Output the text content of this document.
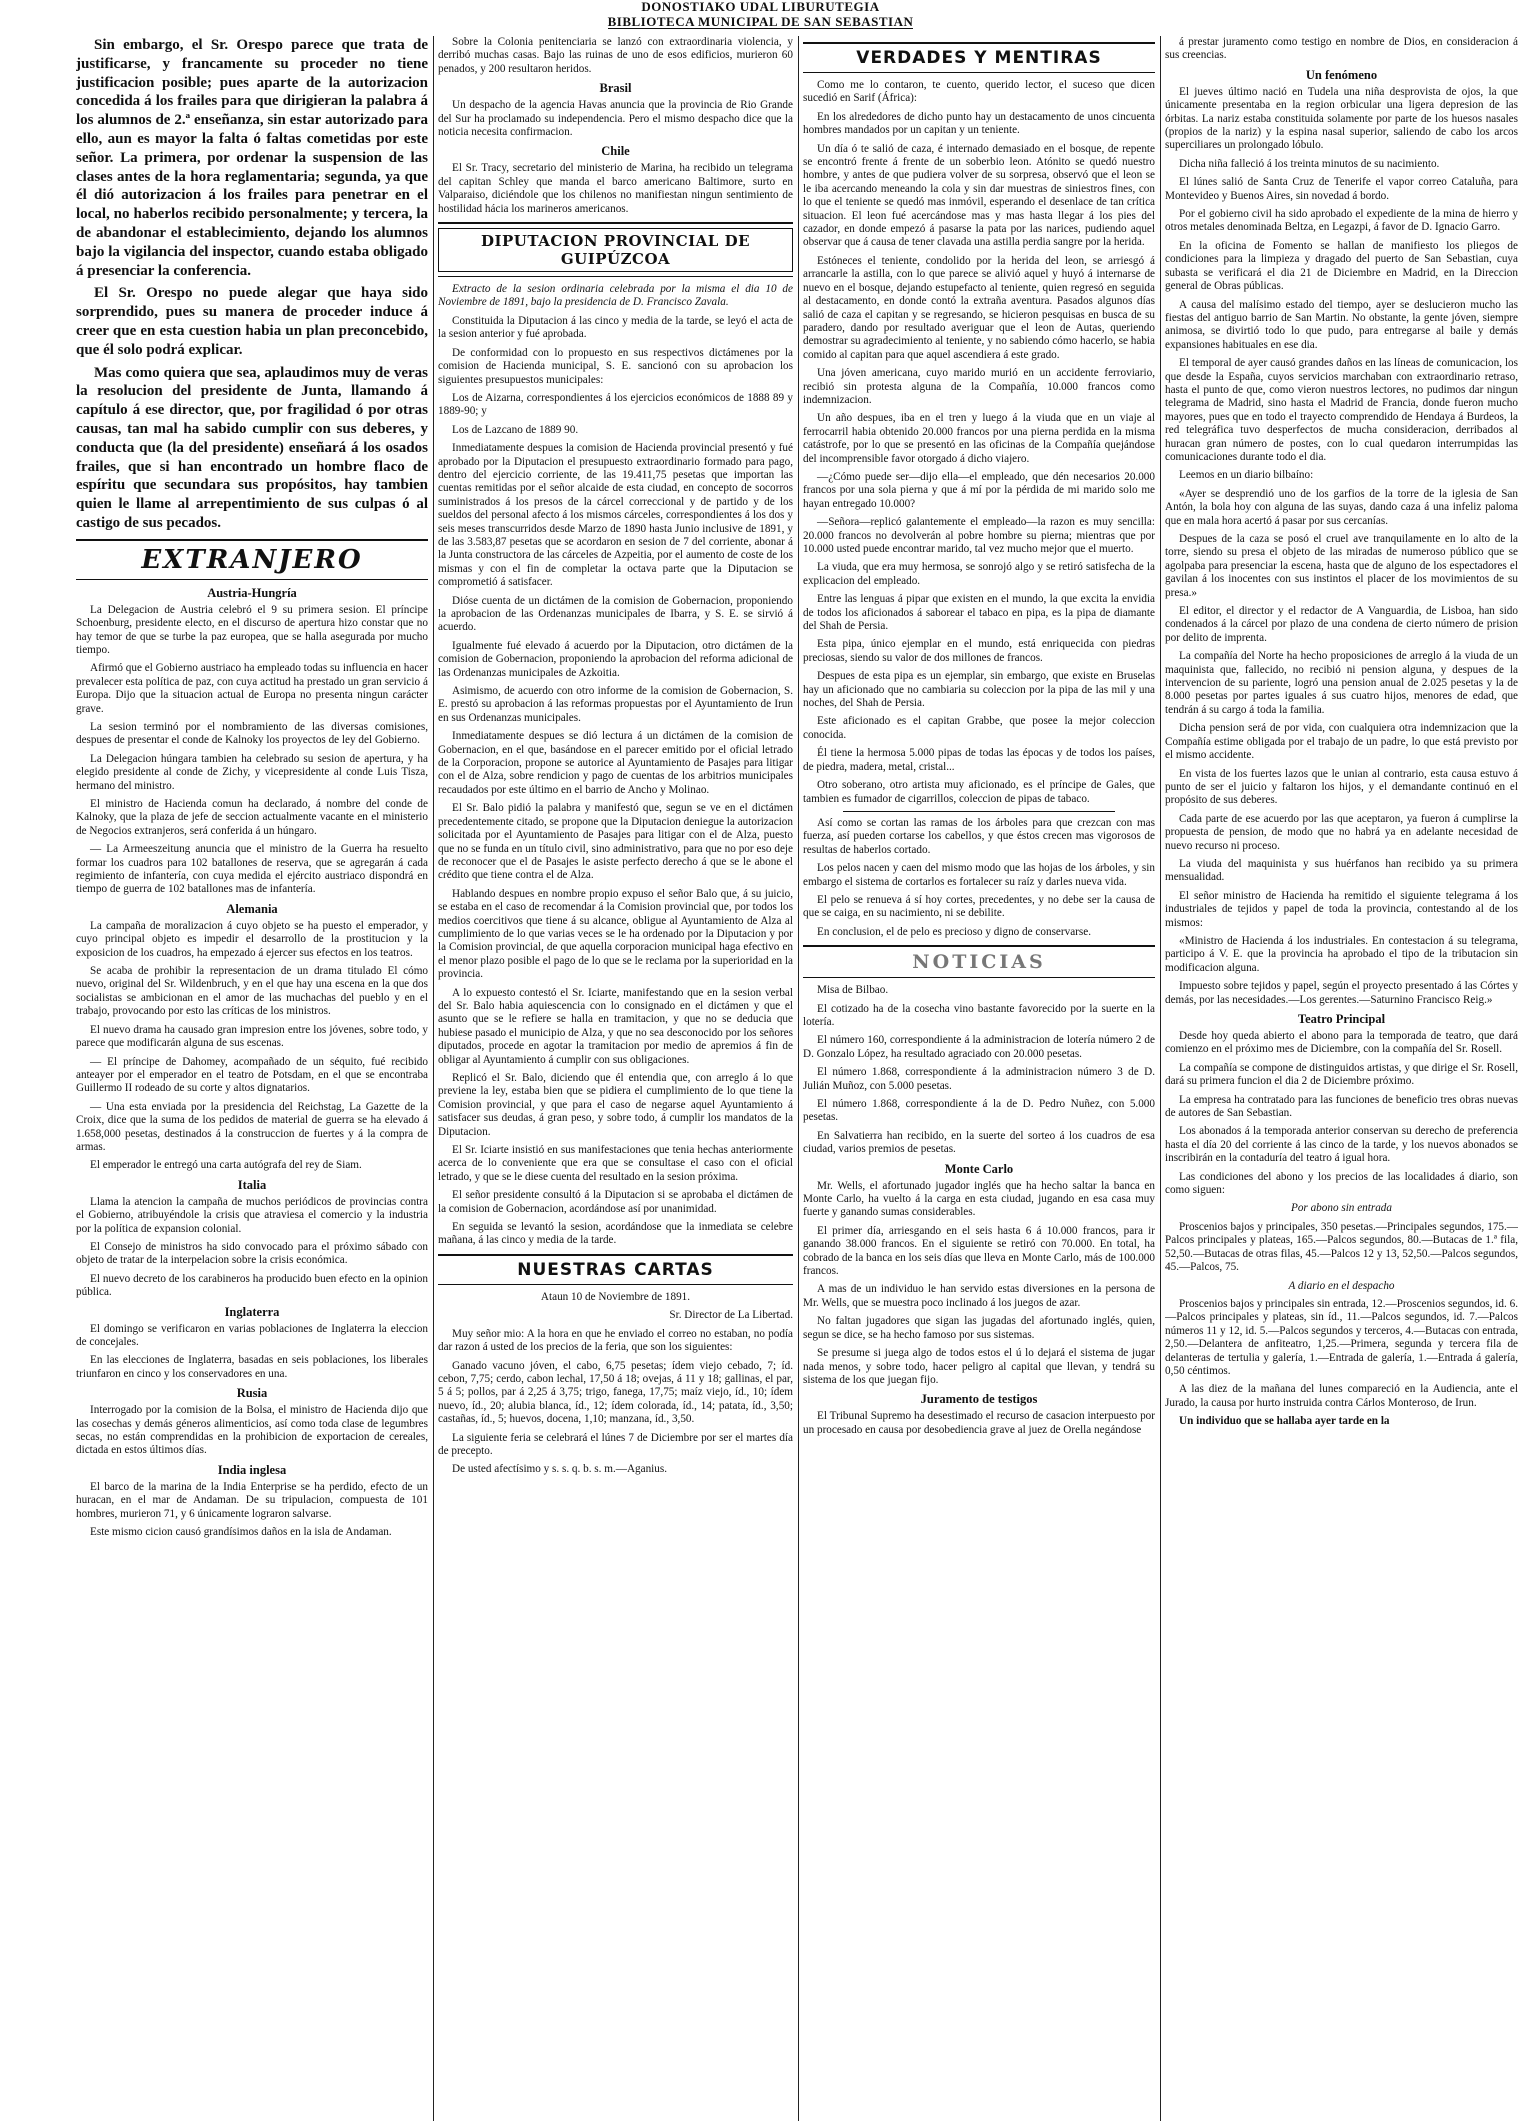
DONOSTIAKO UDAL LIBURUTEGIA
BIBLIOTECA MUNICIPAL DE SAN SEBASTIAN

Sin embargo, el Sr. Orespo parece que trata de justificarse, y francamente su proceder no tiene justificacion posible; pues aparte de la autorizacion concedida á los frailes para que dirigieran la palabra á los alumnos de 2.ª enseñanza, sin estar autorizado para ello, aun es mayor la falta ó faltas cometidas por este señor. La primera, por ordenar la suspension de las clases antes de la hora reglamentaria; segunda, ya que él dió autorizacion á los frailes para penetrar en el local, no haberlos recibido personalmente; y tercera, la de abandonar el establecimiento, dejando los alumnos bajo la vigilancia del inspector, cuando estaba obligado á presenciar la conferencia.

El Sr. Orespo no puede alegar que haya sido sorprendido, pues su manera de proceder induce á creer que en esta cuestion habia un plan preconcebido, que él solo podrá explicar.

Mas como quiera que sea, aplaudimos muy de veras la resolucion del presidente de Junta, llamando á capítulo á ese director, que, por fragilidad ó por otras causas, tan mal ha sabido cumplir con sus deberes, y conducta que (la del presidente) enseñará á los osados frailes, que si han encontrado un hombre flaco de espíritu que secundara sus propósitos, hay tambien quien le llame al arrepentimiento de sus culpas ó al castigo de sus pecados.

EXTRANJERO
Austria-Hungría

La Delegacion de Austria celebró el 9 su primera sesion. El príncipe Schoenburg, presidente electo, en el discurso de apertura hizo constar que no hay temor de que se turbe la paz europea, que se halla asegurada por mucho tiempo.

Afirmó que el Gobierno austriaco ha empleado todas su influencia en hacer prevalecer esta política de paz, con cuya actitud ha prestado un gran servicio á Europa. Dijo que la situacion actual de Europa no presenta ningun carácter grave.

La sesion terminó por el nombramiento de las diversas comisiones, despues de presentar el conde de Kalnoky los proyectos de ley del Gobierno.

La Delegacion húngara tambien ha celebrado su sesion de apertura, y ha elegido presidente al conde de Zichy, y vicepresidente al conde Luis Tisza, hermano del ministro.

El ministro de Hacienda comun ha declarado, á nombre del conde de Kalnoky, que la plaza de jefe de seccion actualmente vacante en el ministerio de Negocios extranjeros, será conferida á un húngaro.

— La Armeeszeitung anuncia que el ministro de la Guerra ha resuelto formar los cuadros para 102 batallones de reserva, que se agregarán á cada regimiento de infantería, con cuya medida el ejército austriaco dispondrá en tiempo de guerra de 102 batallones mas de infantería.

Alemania

La campaña de moralizacion á cuyo objeto se ha puesto el emperador, y cuyo principal objeto es impedir el desarrollo de la prostitucion y la exposicion de los cuadros, ha empezado á ejercer sus efectos en los teatros.

Se acaba de prohibir la representacion de un drama titulado El cómo nuevo, original del Sr. Wildenbruch, y en el que hay una escena en la que dos socialistas se ambicionan en el amor de las muchachas del pueblo y en el trabajo, provocando por esto las críticas de los ministros.

El nuevo drama ha causado gran impresion entre los jóvenes, sobre todo, y parece que modificarán alguna de sus escenas.

— El príncipe de Dahomey, acompañado de un séquito, fué recibido anteayer por el emperador en el teatro de Potsdam, en el que se encontraba Guillermo II rodeado de su corte y altos dignatarios.

— Una esta enviada por la presidencia del Reichstag, La Gazette de la Croix, dice que la suma de los pedidos de material de guerra se ha elevado á 1.658,000 pesetas, destinados á la construccion de fuertes y á la compra de armas.

El emperador le entregó una carta autógrafa del rey de Siam.

Italia

Llama la atencion la campaña de muchos periódicos de provincias contra el Gobierno, atribuyéndole la crisis que atraviesa el comercio y la industria por la política de expansion colonial.

El Consejo de ministros ha sido convocado para el próximo sábado con objeto de tratar de la interpelacion sobre la crisis económica.

El nuevo decreto de los carabineros ha producido buen efecto en la opinion pública.

Inglaterra

El domingo se verificaron en varias poblaciones de Inglaterra la eleccion de concejales.

En las elecciones de Inglaterra, basadas en seis poblaciones, los liberales triunfaron en cinco y los conservadores en una.

Rusia

Interrogado por la comision de la Bolsa, el ministro de Hacienda dijo que las cosechas y demás géneros alimenticios, así como toda clase de legumbres secas, no están comprendidas en la prohibicion de exportacion de cereales, dictada en estos últimos días.

India inglesa

El barco de la marina de la India Enterprise se ha perdido, efecto de un huracan, en el mar de Andaman. De su tripulacion, compuesta de 101 hombres, murieron 71, y 6 únicamente lograron salvarse.

Este mismo cicion causó grandísimos daños en la isla de Andaman.

Sobre la Colonia penitenciaria se lanzó con extraordinaria violencia, y derribó muchas casas. Bajo las ruinas de uno de esos edificios, murieron 60 penados, y 200 resultaron heridos.

Brasil

Un despacho de la agencia Havas anuncia que la provincia de Rio Grande del Sur ha proclamado su independencia. Pero el mismo despacho dice que la noticia necesita confirmacion.

Chile

El Sr. Tracy, secretario del ministerio de Marina, ha recibido un telegrama del capitan Schley que manda el barco americano Baltimore, surto en Valparaiso, diciéndole que los chilenos no manifiestan ningun sentimiento de hostilidad hácia los marineros americanos.

DIPUTACION PROVINCIAL DE GUIPÚZCOA

Extracto de la sesion ordinaria celebrada por la misma el dia 10 de Noviembre de 1891, bajo la presidencia de D. Francisco Zavala.

Constituida la Diputacion á las cinco y media de la tarde, se leyó el acta de la sesion anterior y fué aprobada.

De conformidad con lo propuesto en sus respectivos dictámenes por la comision de Hacienda municipal, S. E. sancionó con su aprobacion los siguientes presupuestos municipales:

Los de Aizarna, correspondientes á los ejercicios económicos de 1888 89 y 1889-90; y

Los de Lazcano de 1889 90.

Inmediatamente despues la comision de Hacienda provincial presentó y fué aprobado por la Diputacion el presupuesto extraordinario formado para pago, dentro del ejercicio corriente, de las 19.411,75 pesetas que importan las cuentas remitidas por el señor alcaide de esta ciudad, en concepto de socorros suministrados á los presos de la cárcel correccional y de partido y de los sueldos del personal afecto á los mismos cárceles, correspondientes á los dos y seis meses transcurridos desde Marzo de 1890 hasta Junio inclusive de 1891, y de las 3.583,87 pesetas que se acordaron en sesion de 7 del corriente, abonar á la Junta constructora de las cárceles de Azpeitia, por el aumento de coste de los mismas y con el fin de completar la octava parte que la Diputacion se comprometió á satisfacer.

Dióse cuenta de un dictámen de la comision de Gobernacion, proponiendo la aprobacion de las Ordenanzas municipales de Ibarra, y S. E. se sirvió á acuerdo.

Igualmente fué elevado á acuerdo por la Diputacion, otro dictámen de la comision de Gobernacion, proponiendo la aprobacion del reforma adicional de las Ordenanzas municipales de Azkoitia.

Asimismo, de acuerdo con otro informe de la comision de Gobernacion, S. E. prestó su aprobacion á las reformas propuestas por el Ayuntamiento de Irun en sus Ordenanzas municipales.

Inmediatamente despues se dió lectura á un dictámen de la comision de Gobernacion, en el que, basándose en el parecer emitido por el oficial letrado de la Corporacion, propone se autorice al Ayuntamiento de Pasajes para litigar con el de Alza, sobre rendicion y pago de cuentas de los arbitrios municipales recaudados por este último en el barrio de Ancho y Molinao.

El Sr. Balo pidió la palabra y manifestó que, segun se ve en el dictámen precedentemente citado, se propone que la Diputacion deniegue la autorizacion solicitada por el Ayuntamiento de Pasajes para litigar con el de Alza, puesto que no se funda en un título civil, sino administrativo, para que no por eso deje de reconocer que el de Pasajes le asiste perfecto derecho á que se le abone el crédito que tiene contra el de Alza.

Hablando despues en nombre propio expuso el señor Balo que, á su juicio, se estaba en el caso de recomendar á la Comision provincial que, por todos los medios coercitivos que tiene á su alcance, obligue al Ayuntamiento de Alza al cumplimiento de lo que varias veces se le ha ordenado por la Diputacion y por la Comision provincial, de que aquella corporacion municipal haga efectivo en el menor plazo posible el pago de lo que se le reclama por la superioridad en la provincia.

A lo expuesto contestó el Sr. Iciarte, manifestando que en la sesion verbal del Sr. Balo habia aquiescencia con lo consignado en el dictámen y que el asunto que se le refiere se halla en tramitacion, y que no se deducia que hubiese pasado el municipio de Alza, y que no sea desconocido por los señores diputados, procede en agotar la tramitacion por medio de apremios á fin de obligar al Ayuntamiento á cumplir con sus obligaciones.

Replicó el Sr. Balo, diciendo que él entendia que, con arreglo á lo que previene la ley, estaba bien que se pidiera el cumplimiento de lo que tiene la Comision provincial, y que para el caso de negarse aquel Ayuntamiento á satisfacer sus deudas, á gran peso, y sobre todo, á cumplir los mandatos de la Diputacion.

El Sr. Iciarte insistió en sus manifestaciones que tenia hechas anteriormente acerca de lo conveniente que era que se consultase el caso con el oficial letrado, y que se le diese cuenta del resultado en la sesion próxima.

El señor presidente consultó á la Diputacion si se aprobaba el dictámen de la comision de Gobernacion, acordándose así por unanimidad.

En seguida se levantó la sesion, acordándose que la inmediata se celebre mañana, á las cinco y media de la tarde.

NUESTRAS CARTAS

Ataun 10 de Noviembre de 1891.

Sr. Director de La Libertad.

Muy señor mio: A la hora en que he enviado el correo no estaban, no podía dar razon á usted de los precios de la feria, que son los siguientes:

Ganado vacuno jóven, el cabo, 6,75 pesetas; ídem viejo cebado, 7; íd. cebon, 7,75; cerdo, cabon lechal, 17,50 á 18; ovejas, á 11 y 18; gallinas, el par, 5 á 5; pollos, par á 2,25 á 3,75; trigo, fanega, 17,75; maíz viejo, íd., 10; ídem nuevo, íd., 20; alubia blanca, íd., 12; ídem colorada, íd., 14; patata, íd., 3,50; castañas, íd., 5; huevos, docena, 1,10; manzana, íd., 3,50.

La siguiente feria se celebrará el lúnes 7 de Diciembre por ser el martes día de precepto.

De usted afectísimo y s. s. q. b. s. m.—Aganius.

VERDADES Y MENTIRAS

Como me lo contaron, te cuento, querido lector, el suceso que dicen sucedió en Sarif (África):

En los alrededores de dicho punto hay un destacamento de unos cincuenta hombres mandados por un capitan y un teniente.

Un día ó te salió de caza, é internado demasiado en el bosque, de repente se encontró frente á frente de un soberbio leon. Atónito se quedó nuestro hombre, y antes de que pudiera volver de su sorpresa, observó que el leon se le iba acercando meneando la cola y sin dar muestras de siniestros fines, con lo que el teniente se quedó mas inmóvil, esperando el desenlace de tan crítica situacion. El leon fué acercándose mas y mas hasta llegar á los pies del cazador, en donde empezó á pasarse la pata por las narices, pudiendo aquel observar que á causa de tener clavada una astilla perdia sangre por la herida.

Estóneces el teniente, condolido por la herida del leon, se arriesgó á arrancarle la astilla, con lo que parece se alivió aquel y huyó á internarse de nuevo en el bosque, dejando estupefacto al teniente, quien regresó en seguida al destacamento, en donde contó la extraña aventura. Pasados algunos días salió de caza el capitan y se regresando, se hicieron pesquisas en busca de su paradero, dando por resultado averiguar que el leon de Autas, queriendo demostrar su agradecimiento al teniente, y no sabiendo cómo hacerlo, se habia comido al capitan para que aquel ascendiera á este grado.

Una jóven americana, cuyo marido murió en un accidente ferroviario, recibió sin protesta alguna de la Compañía, 10.000 francos como indemnizacion.

Un año despues, iba en el tren y luego á la viuda que en un viaje al ferrocarril habia obtenido 20.000 francos por una pierna perdida en la misma catástrofe, por lo que se presentó en las oficinas de la Compañía quejándose del incomprensible favor otorgado á dicho viajero.

—¿Cómo puede ser—dijo ella—el empleado, que dén necesarios 20.000 francos por una sola pierna y que á mí por la pérdida de mi marido solo me hayan entregado 10.000?

—Señora—replicó galantemente el empleado—la razon es muy sencilla: 20.000 francos no devolverán al pobre hombre su pierna; mientras que por 10.000 usted puede encontrar marido, tal vez mucho mejor que el muerto.

La viuda, que era muy hermosa, se sonrojó algo y se retiró satisfecha de la explicacion del empleado.

Entre las lenguas á pipar que existen en el mundo, la que excita la envidia de todos los aficionados á saborear el tabaco en pipa, es la pipa de diamante del Shah de Persia.

Esta pipa, único ejemplar en el mundo, está enriquecida con piedras preciosas, siendo su valor de dos millones de francos.

Despues de esta pipa es un ejemplar, sin embargo, que existe en Bruselas hay un aficionado que no cambiaria su coleccion por la pipa de las mil y una noches, del Shah de Persia.

Este aficionado es el capitan Grabbe, que posee la mejor coleccion conocida.

Él tiene la hermosa 5.000 pipas de todas las épocas y de todos los países, de piedra, madera, metal, cristal...

Otro soberano, otro artista muy aficionado, es el príncipe de Gales, que tambien es fumador de cigarrillos, coleccion de pipas de tabaco.

Así como se cortan las ramas de los árboles para que crezcan con mas fuerza, así pueden cortarse los cabellos, y que éstos crecen mas vigorosos de resultas de haberlos cortado.

Los pelos nacen y caen del mismo modo que las hojas de los árboles, y sin embargo el sistema de cortarlos es fortalecer su raíz y darles nueva vida.

El pelo se renueva á sí hoy cortes, precedentes, y no debe ser la causa de que se caiga, en su nacimiento, ni se debilite.

En conclusion, el de pelo es precioso y digno de conservarse.

NOTICIAS

Misa de Bilbao.

El cotizado ha de la cosecha vino bastante favorecido por la suerte en la lotería.

El número 160, correspondiente á la administracion de lotería número 2 de D. Gonzalo López, ha resultado agraciado con 20.000 pesetas.

El número 1.868, correspondiente á la administracion número 3 de D. Julián Muñoz, con 5.000 pesetas.

El número 1.868, correspondiente á la de D. Pedro Nuñez, con 5.000 pesetas.

En Salvatierra han recibido, en la suerte del sorteo á los cuadros de esa ciudad, varios premios de pesetas.

Monte Carlo

Mr. Wells, el afortunado jugador inglés que ha hecho saltar la banca en Monte Carlo, ha vuelto á la carga en esta ciudad, jugando en esa casa muy fuerte y ganando sumas considerables.

El primer día, arriesgando en el seis hasta 6 á 10.000 francos, para ir ganando 38.000 francos. En el siguiente se retiró con 70.000. En total, ha cobrado de la banca en los seis días que lleva en Monte Carlo, más de 100.000 francos.

A mas de un individuo le han servido estas diversiones en la persona de Mr. Wells, que se muestra poco inclinado á los juegos de azar.

No faltan jugadores que sigan las jugadas del afortunado inglés, quien, segun se dice, se ha hecho famoso por sus sistemas.

Se presume si juega algo de todos estos el ú lo dejará el sistema de jugar nada menos, y sobre todo, hacer peligro al capital que llevan, y tendrá su sistema de los que juegan fijo.

Juramento de testigos

El Tribunal Supremo ha desestimado el recurso de casacion interpuesto por un procesado en causa por desobediencia grave al juez de Orella negándose

á prestar juramento como testigo en nombre de Dios, en consideracion á sus creencias.

Un fenómeno

El jueves último nació en Tudela una niña desprovista de ojos, la que únicamente presentaba en la region orbicular una ligera depresion de las órbitas. La nariz estaba constituida solamente por parte de los huesos nasales (propios de la nariz) y la espina nasal superior, saliendo de cabo los arcos superciliares un prolongado lóbulo.

Dicha niña falleció á los treinta minutos de su nacimiento.

El lúnes salió de Santa Cruz de Tenerife el vapor correo Cataluña, para Montevideo y Buenos Aires, sin novedad á bordo.

Por el gobierno civil ha sido aprobado el expediente de la mina de hierro y otros metales denominada Beltza, en Legazpi, á favor de D. Ignacio Garro.

En la oficina de Fomento se hallan de manifiesto los pliegos de condiciones para la limpieza y dragado del puerto de San Sebastian, cuya subasta se verificará el dia 21 de Diciembre en Madrid, en la Direccion general de Obras públicas.

A causa del malísimo estado del tiempo, ayer se deslucieron mucho las fiestas del antiguo barrio de San Martin. No obstante, la gente jóven, siempre animosa, se divirtió todo lo que pudo, para entregarse al baile y demás expansiones habituales en ese dia.

El temporal de ayer causó grandes daños en las líneas de comunicacion, los que desde la España, cuyos servicios marchaban con extraordinario retraso, hasta el punto de que, como vieron nuestros lectores, no pudimos dar ningun telegrama de Madrid, sino hasta el Madrid de Francia, donde fueron mucho mayores, pues que en todo el trayecto comprendido de Hendaya á Burdeos, la red telegráfica tuvo desperfectos de mucha consideracion, derribados al huracan gran número de postes, con lo cual quedaron interrumpidas las comunicaciones durante todo el dia.

Leemos en un diario bilbaíno:

«Ayer se desprendió uno de los garfios de la torre de la iglesia de San Antón, la bola hoy con alguna de las suyas, dando caza á una infeliz paloma que en mala hora acertó á pasar por sus cercanías.

Despues de la caza se posó el cruel ave tranquilamente en lo alto de la torre, siendo su presa el objeto de las miradas de numeroso público que se agolpaba para presenciar la escena, hasta que de alguno de los espectadores el gavilan á los inocentes con sus instintos el placer de los movimientos de su presa.»

El editor, el director y el redactor de A Vanguardia, de Lisboa, han sido condenados á la cárcel por plazo de una condena de cierto número de prision por delito de imprenta.

La compañía del Norte ha hecho proposiciones de arreglo á la viuda de un maquinista que, fallecido, no recibió ni pension alguna, y despues de la intervencion de su pariente, logró una pension anual de 2.025 pesetas y la de 8.000 pesetas por partes iguales á sus cuatro hijos, menores de edad, que tendrán á su cargo á toda la familia.

Dicha pension será de por vida, con cualquiera otra indemnizacion que la Compañía estime obligada por el trabajo de un padre, lo que está previsto por el mismo accidente.

En vista de los fuertes lazos que le unian al contrario, esta causa estuvo á punto de ser el juicio y faltaron los hijos, y el demandante continuó en el propósito de sus deberes.

Cada parte de ese acuerdo por las que aceptaron, ya fueron á cumplirse la propuesta de pension, de modo que no habrá ya en adelante necesidad de nuevo recurso ni proceso.

La viuda del maquinista y sus huérfanos han recibido ya su primera mensualidad.

El señor ministro de Hacienda ha remitido el siguiente telegrama á los industriales de tejidos y papel de toda la provincia, contestando al de los mismos:

«Ministro de Hacienda á los industriales. En contestacion á su telegrama, participo á V. E. que la provincia ha aprobado el tipo de la tributacion sin modificacion alguna.

Impuesto sobre tejidos y papel, según el proyecto presentado á las Córtes y demás, por las necesidades.—Los gerentes.—Saturnino Francisco Reig.»

Teatro Principal

Desde hoy queda abierto el abono para la temporada de teatro, que dará comienzo en el próximo mes de Diciembre, con la compañía del Sr. Rosell.

La compañía se compone de distinguidos artistas, y que dirige el Sr. Rosell, dará su primera funcion el dia 2 de Diciembre próximo.

La empresa ha contratado para las funciones de beneficio tres obras nuevas de autores de San Sebastian.

Los abonados á la temporada anterior conservan su derecho de preferencia hasta el día 20 del corriente á las cinco de la tarde, y los nuevos abonados se inscribirán en la contaduría del teatro á igual hora.

Las condiciones del abono y los precios de las localidades á diario, son como siguen:

Por abono sin entrada

Proscenios bajos y principales, 350 pesetas.—Principales segundos, 175.—Palcos principales y plateas, 165.—Palcos segundos, 80.—Butacas de 1.ª fila, 52,50.—Butacas de otras filas, 45.—Palcos 12 y 13, 52,50.—Palcos segundos, 45.—Palcos, 75.

A diario en el despacho

Proscenios bajos y principales sin entrada, 12.—Proscenios segundos, id. 6.—Palcos principales y plateas, sin íd., 11.—Palcos segundos, id. 7.—Palcos números 11 y 12, id. 5.—Palcos segundos y terceros, 4.—Butacas con entrada, 2,50.—Delantera de anfiteatro, 1,25.—Primera, segunda y tercera fila de delanteras de tertulia y galería, 1.—Entrada de galería, 1.—Entrada á galería, 0,50 céntimos.

A las diez de la mañana del lunes compareció en la Audiencia, ante el Jurado, la causa por hurto instruida contra Cárlos Monteroso, de Irun.

Un individuo que se hallaba ayer tarde en la
